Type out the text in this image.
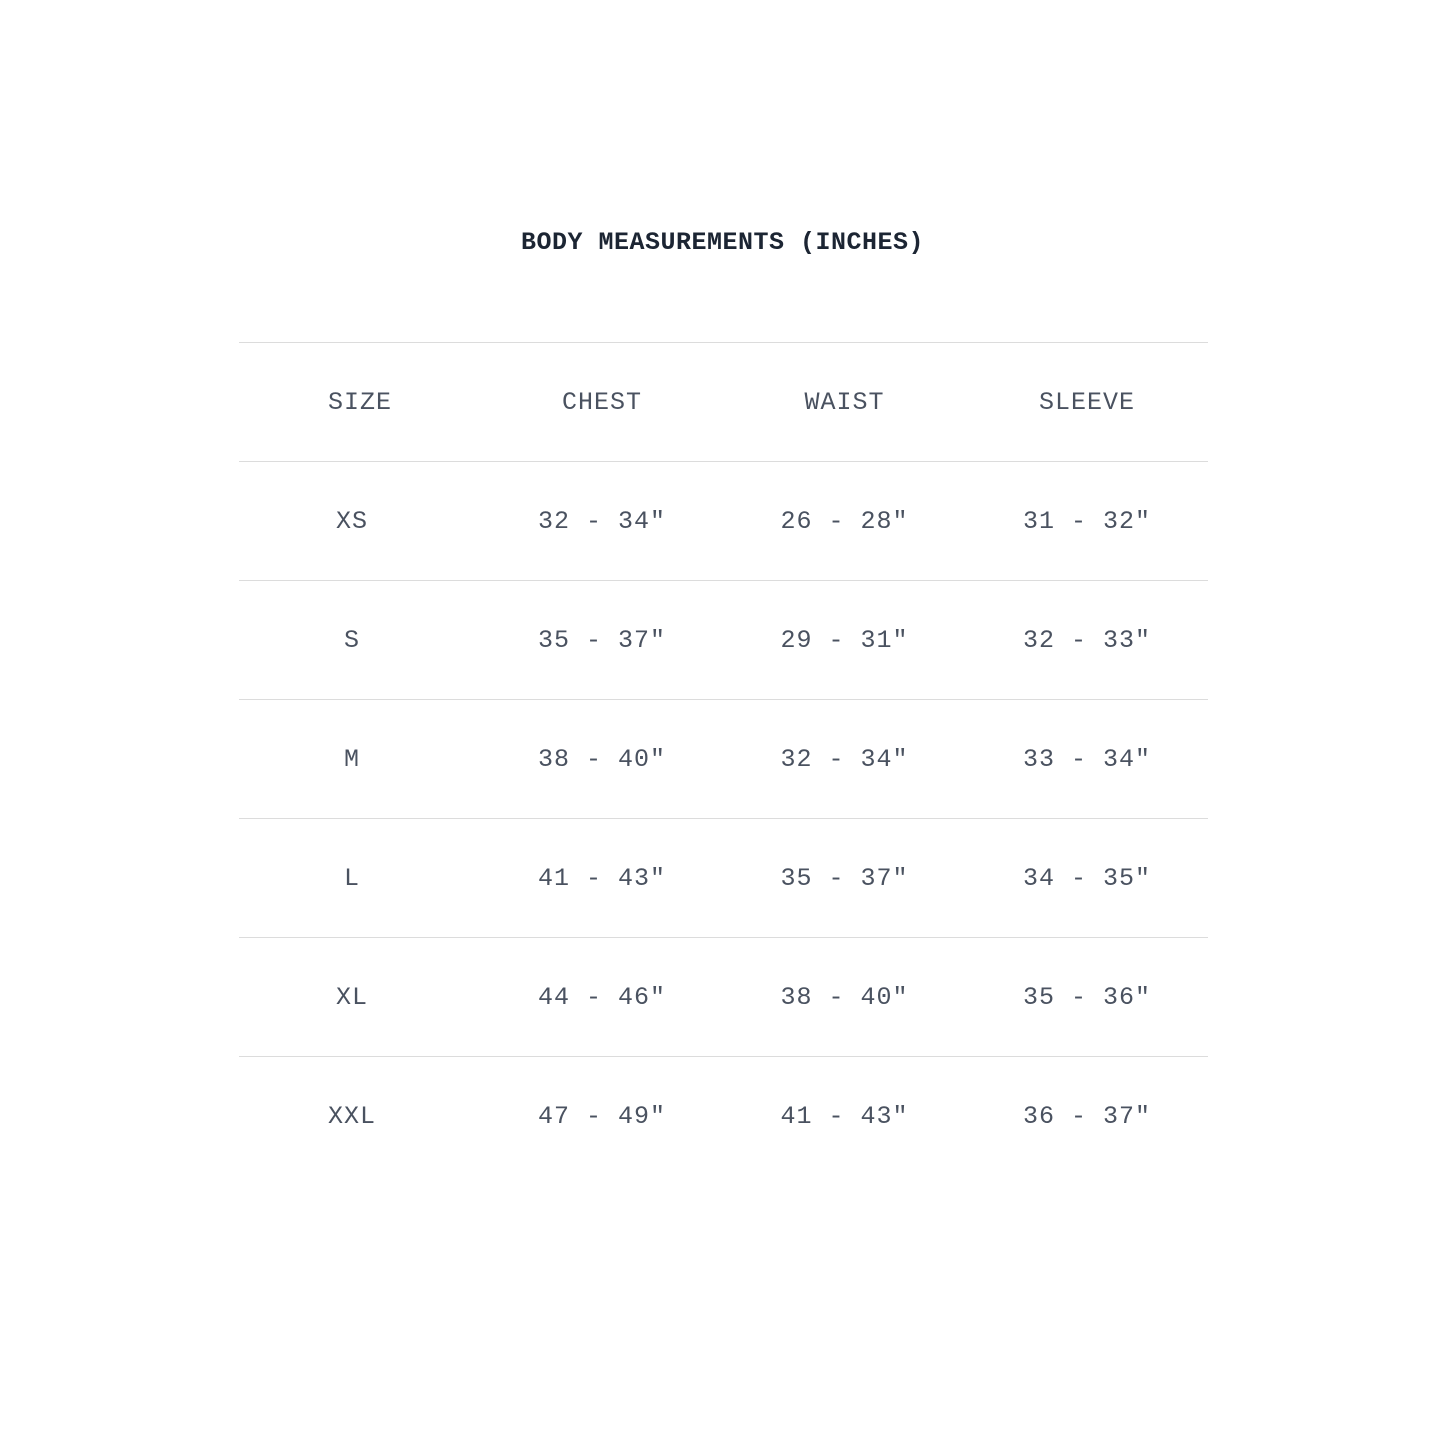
BODY MEASUREMENTS (INCHES)
SIZE	CHEST	WAIST	SLEEVE
XS	32 - 34"	26 - 28"	31 - 32"
S	35 - 37"	29 - 31"	32 - 33"
M	38 - 40"	32 - 34"	33 - 34"
L	41 - 43"	35 - 37"	34 - 35"
XL	44 - 46"	38 - 40"	35 - 36"
XXL	47 - 49"	41 - 43"	36 - 37"
